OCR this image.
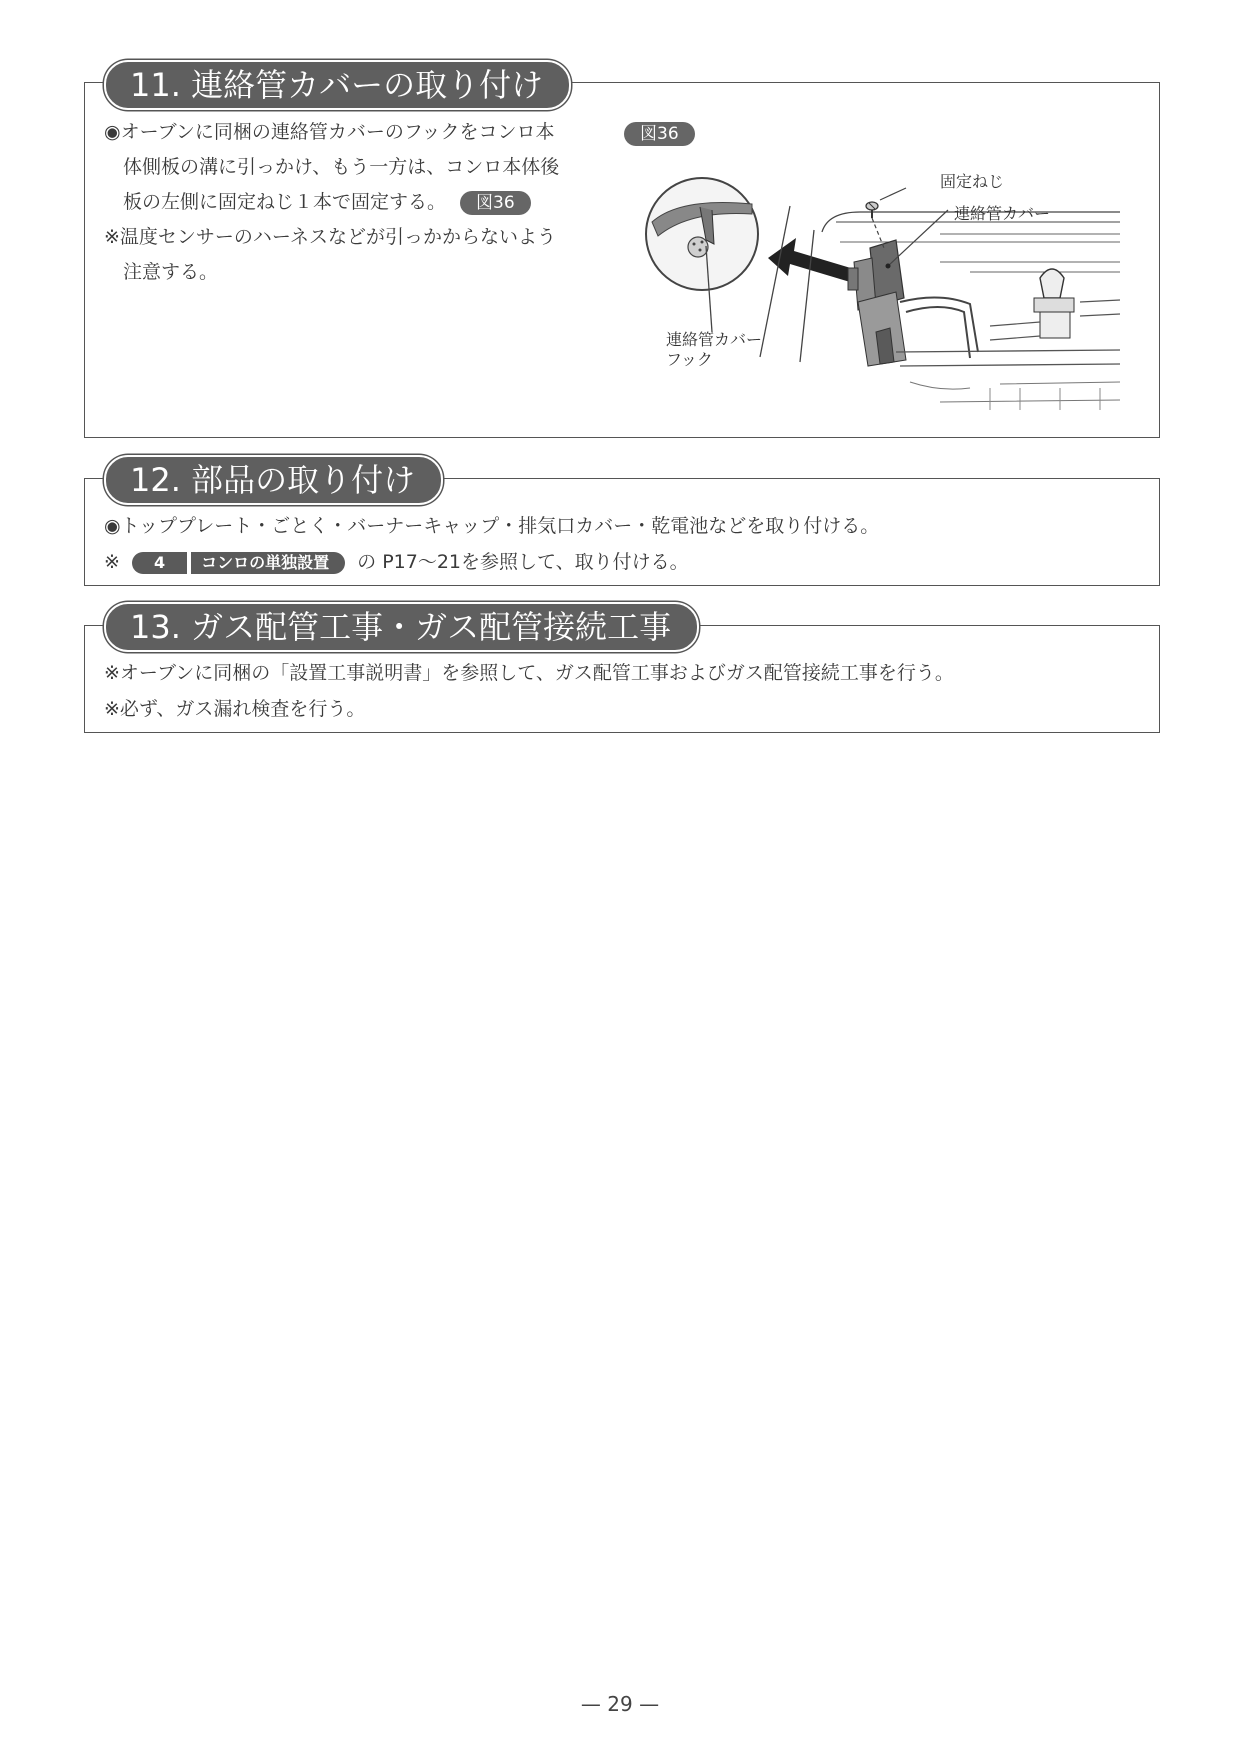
11. 連絡管カバーの取り付け
◉オーブンに同梱の連絡管カバーのフックをコンロ本
体側板の溝に引っかけ、もう一方は、コンロ本体後
板の左側に固定ねじ１本で固定する。 図36
※温度センサーのハーネスなどが引っかからないよう
注意する。
図36
固定ねじ
連絡管カバー
連絡管カバー
フック
12. 部品の取り付け
◉トッププレート・ごとく・バーナーキャップ・排気口カバー・乾電池などを取り付ける。
※ 4 コンロの単独設置 の P17〜21を参照して、取り付ける。
13. ガス配管工事・ガス配管接続工事
※オーブンに同梱の「設置工事説明書」を参照して、ガス配管工事およびガス配管接続工事を行う。
※必ず、ガス漏れ検査を行う。
— 29 —
